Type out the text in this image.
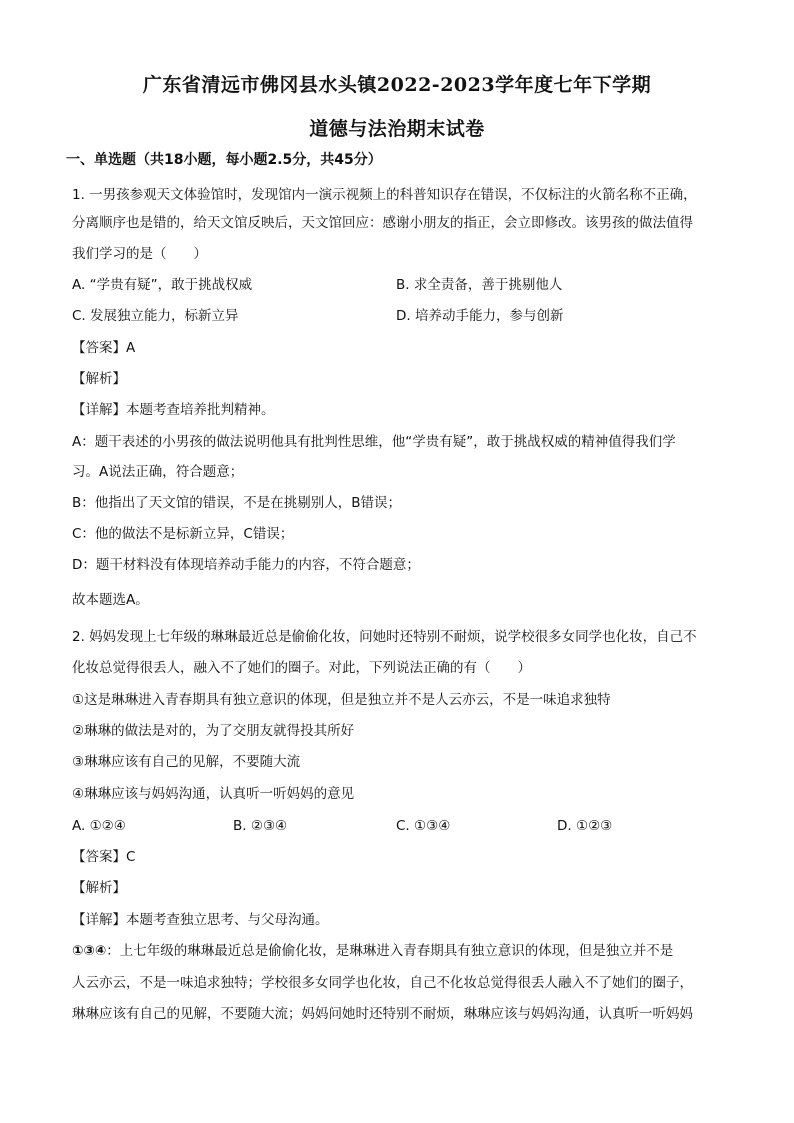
广东省清远市佛冈县水头镇2022-2023学年度七年下学期
道德与法治期末试卷
一、单选题（共18小题，每小题2.5分，共45分）
1. 一男孩参观天文体验馆时，发现馆内一演示视频上的科普知识存在错误，不仅标注的火箭名称不正确，
分离顺序也是错的，给天文馆反映后，天文馆回应：感谢小朋友的指正，会立即修改。该男孩的做法值得
我们学习的是（　　）
A. “学贵有疑”，敢于挑战权威	B. 求全责备，善于挑剔他人
C. 发展独立能力，标新立异	D. 培养动手能力，参与创新
【答案】A
【解析】
【详解】本题考查培养批判精神。
A：题干表述的小男孩的做法说明他具有批判性思维，他“学贵有疑”，敢于挑战权威的精神值得我们学
习。A说法正确，符合题意；
B：他指出了天文馆的错误，不是在挑剔别人，B错误；
C：他的做法不是标新立异，C错误；
D：题干材料没有体现培养动手能力的内容，不符合题意；
故本题选A。
2. 妈妈发现上七年级的琳琳最近总是偷偷化妆，问她时还特别不耐烦，说学校很多女同学也化妆，自己不
化妆总觉得很丢人，融入不了她们的圈子。对此，下列说法正确的有（　　）
①这是琳琳进入青春期具有独立意识的体现，但是独立并不是人云亦云，不是一味追求独特
②琳琳的做法是对的，为了交朋友就得投其所好
③琳琳应该有自己的见解，不要随大流
④琳琳应该与妈妈沟通，认真听一听妈妈的意见
A. ①②④	B. ②③④	C. ①③④	D. ①②③
【答案】C
【解析】
【详解】本题考查独立思考、与父母沟通。
①③④：上七年级的琳琳最近总是偷偷化妆，是琳琳进入青春期具有独立意识的体现，但是独立并不是
人云亦云，不是一味追求独特；学校很多女同学也化妆，自己不化妆总觉得很丢人融入不了她们的圈子，
琳琳应该有自己的见解，不要随大流；妈妈问她时还特别不耐烦，琳琳应该与妈妈沟通，认真听一听妈妈
